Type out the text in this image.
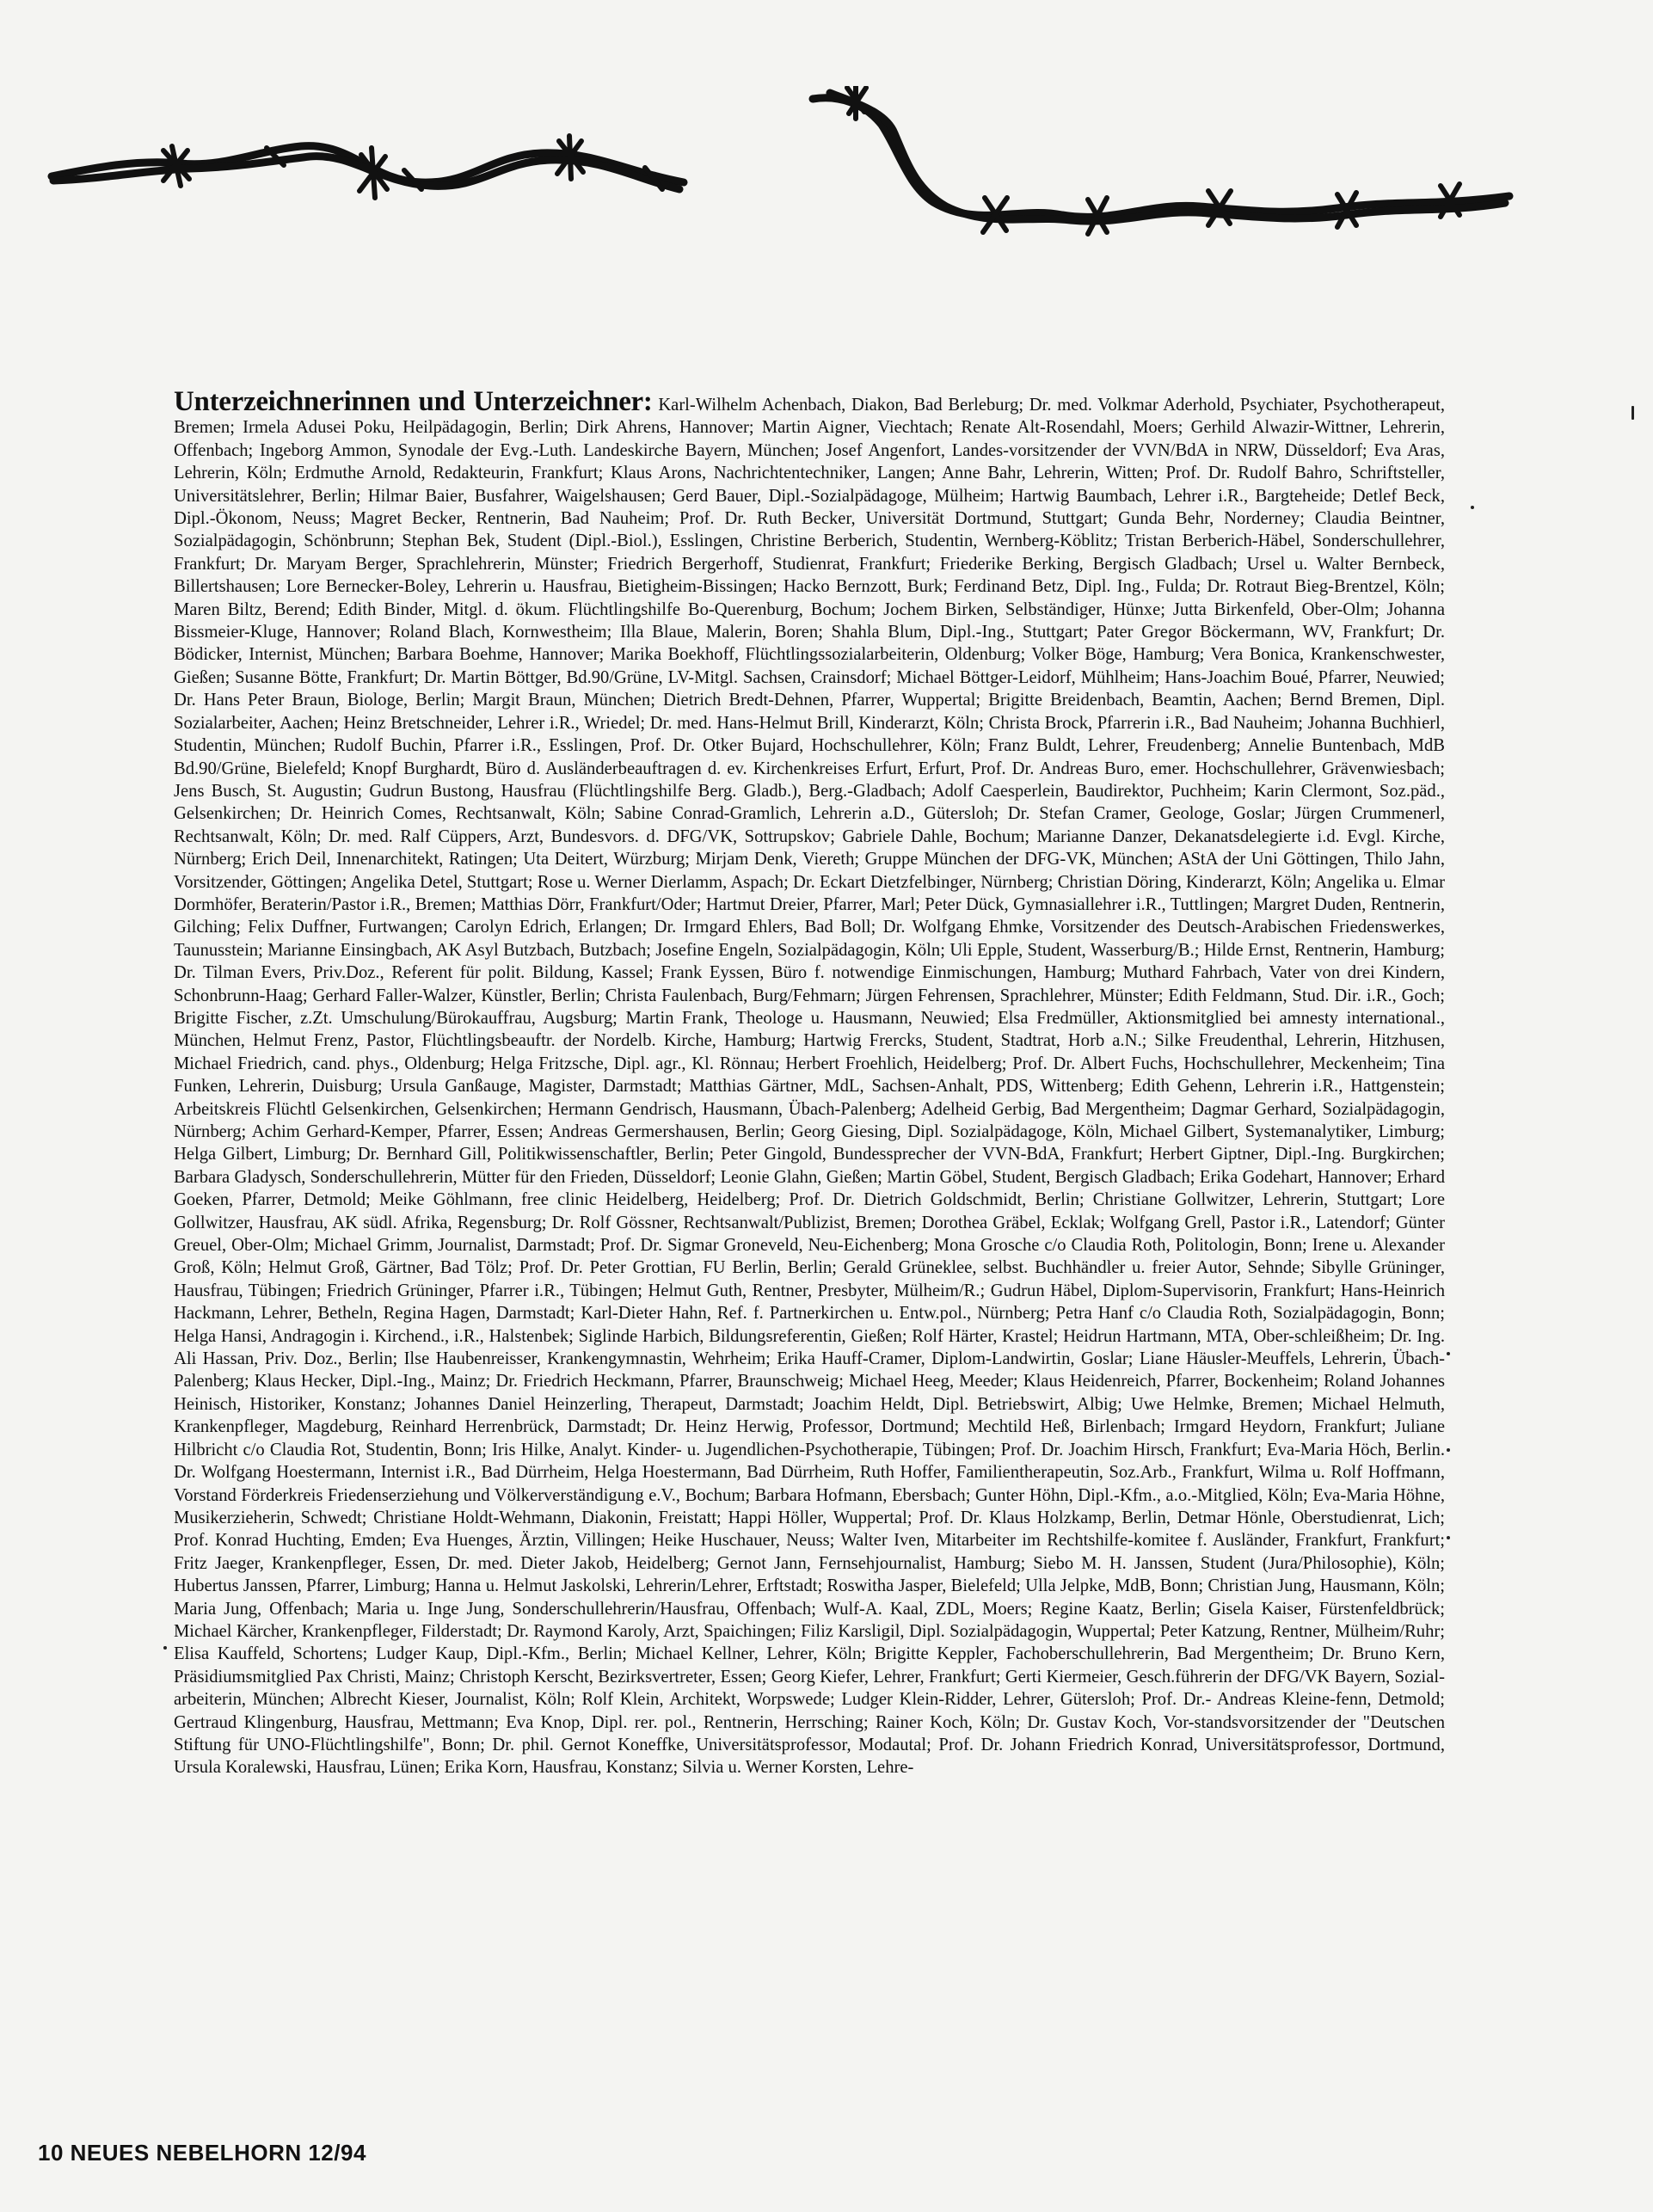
Unterzeichnerinnen und Unterzeichner: Karl-Wilhelm Achenbach, Diakon, Bad Berleburg; Dr. med. Volkmar Aderhold, Psychiater, Psychotherapeut, Bremen; Irmela Adusei Poku, Heilpädagogin, Berlin; Dirk Ahrens, Hannover; Martin Aigner, Viechtach; Renate Alt-Rosendahl, Moers; Gerhild Alwazir-Wittner, Lehrerin, Offenbach; Ingeborg Ammon, Synodale der Evg.-Luth. Landeskirche Bayern, München; Josef Angenfort, Landes-vorsitzender der VVN/BdA in NRW, Düsseldorf; Eva Aras, Lehrerin, Köln; Erdmuthe Arnold, Redakteurin, Frankfurt; Klaus Arons, Nachrichtentechniker, Langen; Anne Bahr, Lehrerin, Witten; Prof. Dr. Rudolf Bahro, Schriftsteller, Universitätslehrer, Berlin; Hilmar Baier, Busfahrer, Waigelshausen; Gerd Bauer, Dipl.-Sozialpädagoge, Mülheim; Hartwig Baumbach, Lehrer i.R., Bargteheide; Detlef Beck, Dipl.-Ökonom, Neuss; Magret Becker, Rentnerin, Bad Nauheim; Prof. Dr. Ruth Becker, Universität Dortmund, Stuttgart; Gunda Behr, Norderney; Claudia Beintner, Sozialpädagogin, Schönbrunn; Stephan Bek, Student (Dipl.-Biol.), Esslingen, Christine Berberich, Studentin, Wernberg-Köblitz; Tristan Berberich-Häbel, Sonderschullehrer, Frankfurt; Dr. Maryam Berger, Sprachlehrerin, Münster; Friedrich Bergerhoff, Studienrat, Frankfurt; Friederike Berking, Bergisch Gladbach; Ursel u. Walter Bernbeck, Billertshausen; Lore Bernecker-Boley, Lehrerin u. Hausfrau, Bietigheim-Bissingen; Hacko Bernzott, Burk; Ferdinand Betz, Dipl. Ing., Fulda; Dr. Rotraut Bieg-Brentzel, Köln; Maren Biltz, Berend; Edith Binder, Mitgl. d. ökum. Flüchtlingshilfe Bo-Querenburg, Bochum; Jochem Birken, Selbständiger, Hünxe; Jutta Birkenfeld, Ober-Olm; Johanna Bissmeier-Kluge, Hannover; Roland Blach, Kornwestheim; Illa Blaue, Malerin, Boren; Shahla Blum, Dipl.-Ing., Stuttgart; Pater Gregor Böckermann, WV, Frankfurt; Dr. Bödicker, Internist, München; Barbara Boehme, Hannover; Marika Boekhoff, Flüchtlingssozialarbeiterin, Oldenburg; Volker Böge, Hamburg; Vera Bonica, Krankenschwester, Gießen; Susanne Bötte, Frankfurt; Dr. Martin Böttger, Bd.90/Grüne, LV-Mitgl. Sachsen, Crainsdorf; Michael Böttger-Leidorf, Mühlheim; Hans-Joachim Boué, Pfarrer, Neuwied; Dr. Hans Peter Braun, Biologe, Berlin; Margit Braun, München; Dietrich Bredt-Dehnen, Pfarrer, Wuppertal; Brigitte Breidenbach, Beamtin, Aachen; Bernd Bremen, Dipl. Sozialarbeiter, Aachen; Heinz Bretschneider, Lehrer i.R., Wriedel; Dr. med. Hans-Helmut Brill, Kinderarzt, Köln; Christa Brock, Pfarrerin i.R., Bad Nauheim; Johanna Buchhierl, Studentin, München; Rudolf Buchin, Pfarrer i.R., Esslingen, Prof. Dr. Otker Bujard, Hochschullehrer, Köln; Franz Buldt, Lehrer, Freudenberg; Annelie Buntenbach, MdB Bd.90/Grüne, Bielefeld; Knopf Burghardt, Büro d. Ausländerbeauftragen d. ev. Kirchenkreises Erfurt, Erfurt, Prof. Dr. Andreas Buro, emer. Hochschullehrer, Grävenwiesbach; Jens Busch, St. Augustin; Gudrun Bustong, Hausfrau (Flüchtlingshilfe Berg. Gladb.), Berg.-Gladbach; Adolf Caesperlein, Baudirektor, Puchheim; Karin Clermont, Soz.päd., Gelsenkirchen; Dr. Heinrich Comes, Rechtsanwalt, Köln; Sabine Conrad-Gramlich, Lehrerin a.D., Gütersloh; Dr. Stefan Cramer, Geologe, Goslar; Jürgen Crummenerl, Rechtsanwalt, Köln; Dr. med. Ralf Cüppers, Arzt, Bundesvors. d. DFG/VK, Sottrupskov; Gabriele Dahle, Bochum; Marianne Danzer, Dekanatsdelegierte i.d. Evgl. Kirche, Nürnberg; Erich Deil, Innenarchitekt, Ratingen; Uta Deitert, Würzburg; Mirjam Denk, Viereth; Gruppe München der DFG-VK, München; AStA der Uni Göttingen, Thilo Jahn, Vorsitzender, Göttingen; Angelika Detel, Stuttgart; Rose u. Werner Dierlamm, Aspach; Dr. Eckart Dietzfelbinger, Nürnberg; Christian Döring, Kinderarzt, Köln; Angelika u. Elmar Dormhöfer, Beraterin/Pastor i.R., Bremen; Matthias Dörr, Frankfurt/Oder; Hartmut Dreier, Pfarrer, Marl; Peter Dück, Gymnasiallehrer i.R., Tuttlingen; Margret Duden, Rentnerin, Gilching; Felix Duffner, Furtwangen; Carolyn Edrich, Erlangen; Dr. Irmgard Ehlers, Bad Boll; Dr. Wolfgang Ehmke, Vorsitzender des Deutsch-Arabischen Friedenswerkes, Taunusstein; Marianne Einsingbach, AK Asyl Butzbach, Butzbach; Josefine Engeln, Sozialpädagogin, Köln; Uli Epple, Student, Wasserburg/B.; Hilde Ernst, Rentnerin, Hamburg; Dr. Tilman Evers, Priv.Doz., Referent für polit. Bildung, Kassel; Frank Eyssen, Büro f. notwendige Einmischungen, Hamburg; Muthard Fahrbach, Vater von drei Kindern, Schonbrunn-Haag; Gerhard Faller-Walzer, Künstler, Berlin; Christa Faulenbach, Burg/Fehmarn; Jürgen Fehrensen, Sprachlehrer, Münster; Edith Feldmann, Stud. Dir. i.R., Goch; Brigitte Fischer, z.Zt. Umschulung/Bürokauffrau, Augsburg; Martin Frank, Theologe u. Hausmann, Neuwied; Elsa Fredmüller, Aktionsmitglied bei amnesty international., München, Helmut Frenz, Pastor, Flüchtlingsbeauftr. der Nordelb. Kirche, Hamburg; Hartwig Frercks, Student, Stadtrat, Horb a.N.; Silke Freudenthal, Lehrerin, Hitzhusen, Michael Friedrich, cand. phys., Oldenburg; Helga Fritzsche, Dipl. agr., Kl. Rönnau; Herbert Froehlich, Heidelberg; Prof. Dr. Albert Fuchs, Hochschullehrer, Meckenheim; Tina Funken, Lehrerin, Duisburg; Ursula Ganßauge, Magister, Darmstadt; Matthias Gärtner, MdL, Sachsen-Anhalt, PDS, Wittenberg; Edith Gehenn, Lehrerin i.R., Hattgenstein; Arbeitskreis Flüchtl Gelsenkirchen, Gelsenkirchen; Hermann Gendrisch, Hausmann, Übach-Palenberg; Adelheid Gerbig, Bad Mergentheim; Dagmar Gerhard, Sozialpädagogin, Nürnberg; Achim Gerhard-Kemper, Pfarrer, Essen; Andreas Germershausen, Berlin; Georg Giesing, Dipl. Sozialpädagoge, Köln, Michael Gilbert, Systemanalytiker, Limburg; Helga Gilbert, Limburg; Dr. Bernhard Gill, Politikwissenschaftler, Berlin; Peter Gingold, Bundessprecher der VVN-BdA, Frankfurt; Herbert Giptner, Dipl.-Ing. Burgkirchen; Barbara Gladysch, Sonderschullehrerin, Mütter für den Frieden, Düsseldorf; Leonie Glahn, Gießen; Martin Göbel, Student, Bergisch Gladbach; Erika Godehart, Hannover; Erhard Goeken, Pfarrer, Detmold; Meike Göhlmann, free clinic Heidelberg, Heidelberg; Prof. Dr. Dietrich Goldschmidt, Berlin; Christiane Gollwitzer, Lehrerin, Stuttgart; Lore Gollwitzer, Hausfrau, AK südl. Afrika, Regensburg; Dr. Rolf Gössner, Rechtsanwalt/Publizist, Bremen; Dorothea Gräbel, Ecklak; Wolfgang Grell, Pastor i.R., Latendorf; Günter Greuel, Ober-Olm; Michael Grimm, Journalist, Darmstadt; Prof. Dr. Sigmar Groneveld, Neu-Eichenberg; Mona Grosche c/o Claudia Roth, Politologin, Bonn; Irene u. Alexander Groß, Köln; Helmut Groß, Gärtner, Bad Tölz; Prof. Dr. Peter Grottian, FU Berlin, Berlin; Gerald Grüneklee, selbst. Buchhändler u. freier Autor, Sehnde; Sibylle Grüninger, Hausfrau, Tübingen; Friedrich Grüninger, Pfarrer i.R., Tübingen; Helmut Guth, Rentner, Presbyter, Mülheim/R.; Gudrun Häbel, Diplom-Supervisorin, Frankfurt; Hans-Heinrich Hackmann, Lehrer, Betheln, Regina Hagen, Darmstadt; Karl-Dieter Hahn, Ref. f. Partnerkirchen u. Entw.pol., Nürnberg; Petra Hanf c/o Claudia Roth, Sozialpädagogin, Bonn; Helga Hansi, Andragogin i. Kirchend., i.R., Halstenbek; Siglinde Harbich, Bildungsreferentin, Gießen; Rolf Härter, Krastel; Heidrun Hartmann, MTA, Ober-schleißheim; Dr. Ing. Ali Hassan, Priv. Doz., Berlin; Ilse Haubenreisser, Krankengymnastin, Wehrheim; Erika Hauff-Cramer, Diplom-Landwirtin, Goslar; Liane Häusler-Meuffels, Lehrerin, Übach-Palenberg; Klaus Hecker, Dipl.-Ing., Mainz; Dr. Friedrich Heckmann, Pfarrer, Braunschweig; Michael Heeg, Meeder; Klaus Heidenreich, Pfarrer, Bockenheim; Roland Johannes Heinisch, Historiker, Konstanz; Johannes Daniel Heinzerling, Therapeut, Darmstadt; Joachim Heldt, Dipl. Betriebswirt, Albig; Uwe Helmke, Bremen; Michael Helmuth, Krankenpfleger, Magdeburg, Reinhard Herrenbrück, Darmstadt; Dr. Heinz Herwig, Professor, Dortmund; Mechtild Heß, Birlenbach; Irmgard Heydorn, Frankfurt; Juliane Hilbricht c/o Claudia Rot, Studentin, Bonn; Iris Hilke, Analyt. Kinder- u. Jugendlichen-Psychotherapie, Tübingen; Prof. Dr. Joachim Hirsch, Frankfurt; Eva-Maria Höch, Berlin. Dr. Wolfgang Hoestermann, Internist i.R., Bad Dürrheim, Helga Hoestermann, Bad Dürrheim, Ruth Hoffer, Familientherapeutin, Soz.Arb., Frankfurt, Wilma u. Rolf Hoffmann, Vorstand Förderkreis Friedenserziehung und Völkerverständigung e.V., Bochum; Barbara Hofmann, Ebersbach; Gunter Höhn, Dipl.-Kfm., a.o.-Mitglied, Köln; Eva-Maria Höhne, Musikerzieherin, Schwedt; Christiane Holdt-Wehmann, Diakonin, Freistatt; Happi Höller, Wuppertal; Prof. Dr. Klaus Holzkamp, Berlin, Detmar Hönle, Oberstudienrat, Lich; Prof. Konrad Huchting, Emden; Eva Huenges, Ärztin, Villingen; Heike Huschauer, Neuss; Walter Iven, Mitarbeiter im Rechtshilfe-komitee f. Ausländer, Frankfurt, Frankfurt; Fritz Jaeger, Krankenpfleger, Essen, Dr. med. Dieter Jakob, Heidelberg; Gernot Jann, Fernsehjournalist, Hamburg; Siebo M. H. Janssen, Student (Jura/Philosophie), Köln; Hubertus Janssen, Pfarrer, Limburg; Hanna u. Helmut Jaskolski, Lehrerin/Lehrer, Erftstadt; Roswitha Jasper, Bielefeld; Ulla Jelpke, MdB, Bonn; Christian Jung, Hausmann, Köln; Maria Jung, Offenbach; Maria u. Inge Jung, Sonderschullehrerin/Hausfrau, Offenbach; Wulf-A. Kaal, ZDL, Moers; Regine Kaatz, Berlin; Gisela Kaiser, Fürstenfeldbrück; Michael Kärcher, Krankenpfleger, Filderstadt; Dr. Raymond Karoly, Arzt, Spaichingen; Filiz Karsligil, Dipl. Sozialpädagogin, Wuppertal; Peter Katzung, Rentner, Mülheim/Ruhr; Elisa Kauffeld, Schortens; Ludger Kaup, Dipl.-Kfm., Berlin; Michael Kellner, Lehrer, Köln; Brigitte Keppler, Fachoberschullehrerin, Bad Mergentheim; Dr. Bruno Kern, Präsidiumsmitglied Pax Christi, Mainz; Christoph Kerscht, Bezirksvertreter, Essen; Georg Kiefer, Lehrer, Frankfurt; Gerti Kiermeier, Gesch.führerin der DFG/VK Bayern, Sozial-arbeiterin, München; Albrecht Kieser, Journalist, Köln; Rolf Klein, Architekt, Worpswede; Ludger Klein-Ridder, Lehrer, Gütersloh; Prof. Dr.- Andreas Kleine-fenn, Detmold; Gertraud Klingenburg, Hausfrau, Mettmann; Eva Knop, Dipl. rer. pol., Rentnerin, Herrsching; Rainer Koch, Köln; Dr. Gustav Koch, Vor-standsvorsitzender der "Deutschen Stiftung für UNO-Flüchtlingshilfe", Bonn; Dr. phil. Gernot Koneffke, Universitätsprofessor, Modautal; Prof. Dr. Johann Friedrich Konrad, Universitätsprofessor, Dortmund, Ursula Koralewski, Hausfrau, Lünen; Erika Korn, Hausfrau, Konstanz; Silvia u. Werner Korsten, Lehre-
10 NEUES NEBELHORN 12/94
